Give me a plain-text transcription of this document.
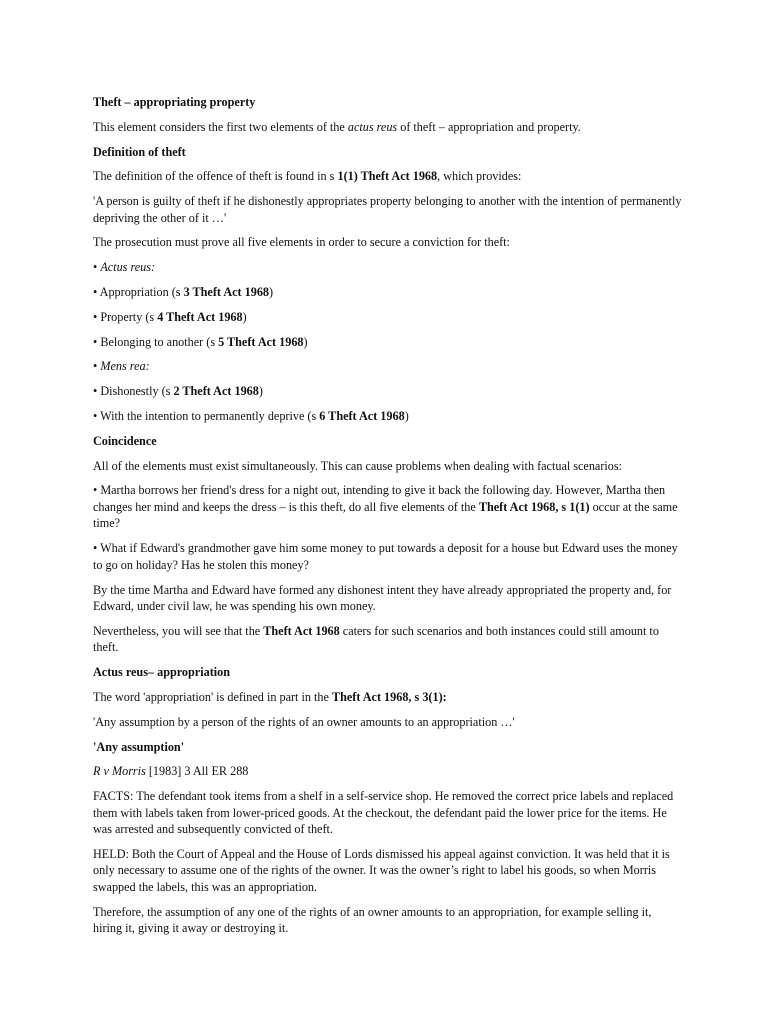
Theft – appropriating property

This element considers the first two elements of the actus reus of theft – appropriation and property.

Definition of theft

The definition of the offence of theft is found in s 1(1) Theft Act 1968, which provides:

'A person is guilty of theft if he dishonestly appropriates property belonging to another with the intention of permanently depriving the other of it …'

The prosecution must prove all five elements in order to secure a conviction for theft:

• Actus reus:

• Appropriation (s 3 Theft Act 1968)

• Property (s 4 Theft Act 1968)

• Belonging to another (s 5 Theft Act 1968)

• Mens rea:

• Dishonestly (s 2 Theft Act 1968)

• With the intention to permanently deprive (s 6 Theft Act 1968)

Coincidence

All of the elements must exist simultaneously. This can cause problems when dealing with factual scenarios:

• Martha borrows her friend's dress for a night out, intending to give it back the following day. However, Martha then changes her mind and keeps the dress – is this theft, do all five elements of the Theft Act 1968, s 1(1) occur at the same time?

• What if Edward's grandmother gave him some money to put towards a deposit for a house but Edward uses the money to go on holiday? Has he stolen this money?

By the time Martha and Edward have formed any dishonest intent they have already appropriated the property and, for Edward, under civil law, he was spending his own money.

Nevertheless, you will see that the Theft Act 1968 caters for such scenarios and both instances could still amount to theft.

Actus reus– appropriation

The word 'appropriation' is defined in part in the Theft Act 1968, s 3(1):

'Any assumption by a person of the rights of an owner amounts to an appropriation …'

'Any assumption'

R v Morris [1983] 3 All ER 288

FACTS: The defendant took items from a shelf in a self-service shop. He removed the correct price labels and replaced them with labels taken from lower-priced goods. At the checkout, the defendant paid the lower price for the items. He was arrested and subsequently convicted of theft.

HELD: Both the Court of Appeal and the House of Lords dismissed his appeal against conviction. It was held that it is only necessary to assume one of the rights of the owner. It was the owner’s right to label his goods, so when Morris swapped the labels, this was an appropriation.

Therefore, the assumption of any one of the rights of an owner amounts to an appropriation, for example selling it, hiring it, giving it away or destroying it.
